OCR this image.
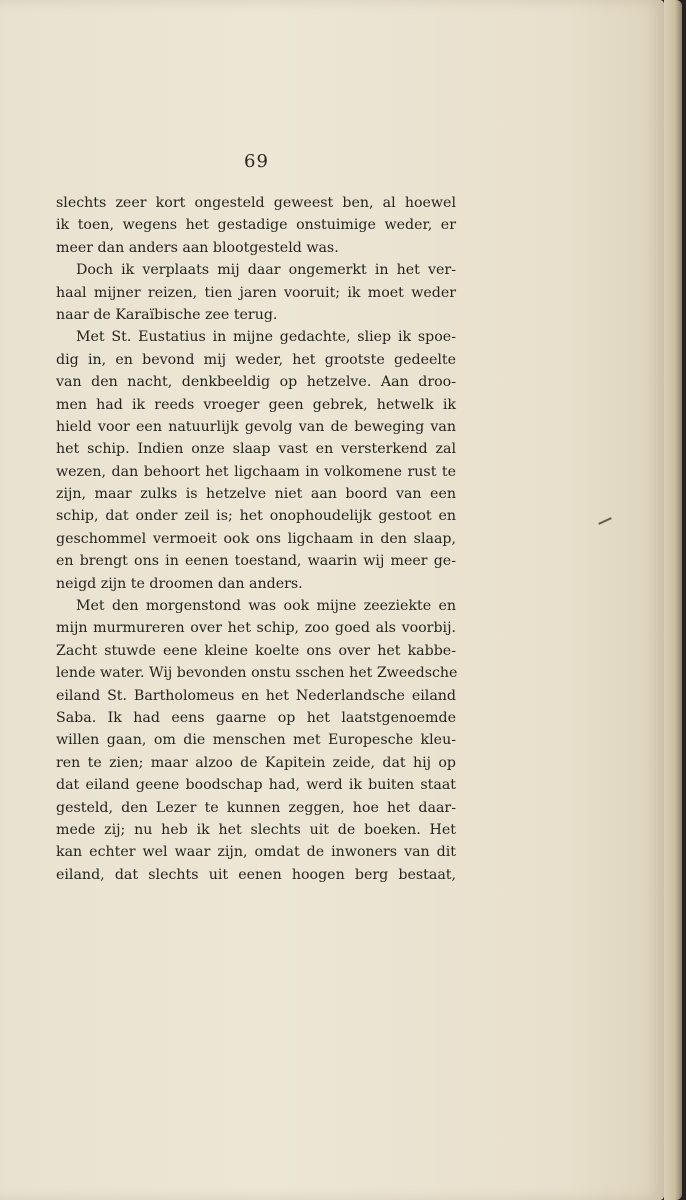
69
slechts zeer kort ongesteld geweest ben, al hoewel
ik toen, wegens het gestadige onstuimige weder, er
meer dan anders aan blootgesteld was.
Doch ik verplaats mij daar ongemerkt in het ver-
haal mijner reizen, tien jaren vooruit; ik moet weder
naar de Karaïbische zee terug.
Met St. Eustatius in mijne gedachte, sliep ik spoe-
dig in, en bevond mij weder, het grootste gedeelte
van den nacht, denkbeeldig op hetzelve. Aan droo-
men had ik reeds vroeger geen gebrek, hetwelk ik
hield voor een natuurlijk gevolg van de beweging van
het schip. Indien onze slaap vast en versterkend zal
wezen, dan behoort het ligchaam in volkomene rust te
zijn, maar zulks is hetzelve niet aan boord van een
schip, dat onder zeil is; het onophoudelijk gestoot en
geschommel vermoeit ook ons ligchaam in den slaap,
en brengt ons in eenen toestand, waarin wij meer ge-
neigd zijn te droomen dan anders.
Met den morgenstond was ook mijne zeeziekte en
mijn murmureren over het schip, zoo goed als voorbij.
Zacht stuwde eene kleine koelte ons over het kabbe-
lende water. Wij bevonden onstu sschen het Zweedsche
eiland St. Bartholomeus en het Nederlandsche eiland
Saba. Ik had eens gaarne op het laatstgenoemde
willen gaan, om die menschen met Europesche kleu-
ren te zien; maar alzoo de Kapitein zeide, dat hij op
dat eiland geene boodschap had, werd ik buiten staat
gesteld, den Lezer te kunnen zeggen, hoe het daar-
mede zij; nu heb ik het slechts uit de boeken. Het
kan echter wel waar zijn, omdat de inwoners van dit
eiland, dat slechts uit eenen hoogen berg bestaat,
